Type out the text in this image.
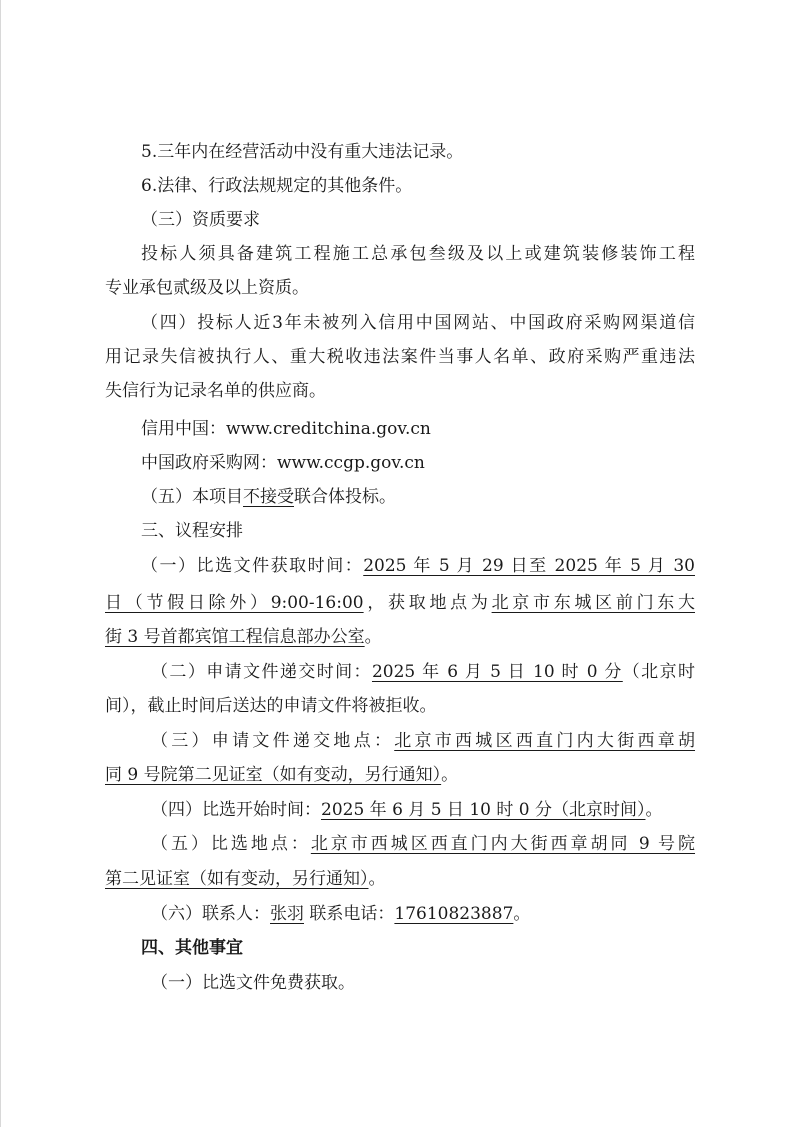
5.三年内在经营活动中没有重大违法记录。
6.法律、行政法规规定的其他条件。
（三）资质要求
投标人须具备建筑工程施工总承包叁级及以上或建筑装修装饰工程
专业承包贰级及以上资质。
（四）投标人近3年未被列入信用中国网站、中国政府采购网渠道信
用记录失信被执行人、重大税收违法案件当事人名单、政府采购严重违法
失信行为记录名单的供应商。
信用中国：www.creditchina.gov.cn
中国政府采购网：www.ccgp.gov.cn
（五）本项目不接受联合体投标。
三、议程安排
（一）比选文件获取时间：2025 年 5 月 29 日至 2025 年 5 月 30
日（节假日除外）9:00-16:00，获取地点为北京市东城区前门东大
街 3 号首都宾馆工程信息部办公室。
（二）申请文件递交时间：2025 年 6 月 5 日 10 时 0 分（北京时
间），截止时间后送达的申请文件将被拒收。
（三）申请文件递交地点：北京市西城区西直门内大街西章胡
同 9 号院第二见证室（如有变动，另行通知）。
（四）比选开始时间：2025 年 6 月 5 日 10 时 0 分（北京时间）。
（五）比选地点：北京市西城区西直门内大街西章胡同 9 号院
第二见证室（如有变动，另行通知）。
（六）联系人：张羽 联系电话：17610823887。
四、其他事宜
（一）比选文件免费获取。
